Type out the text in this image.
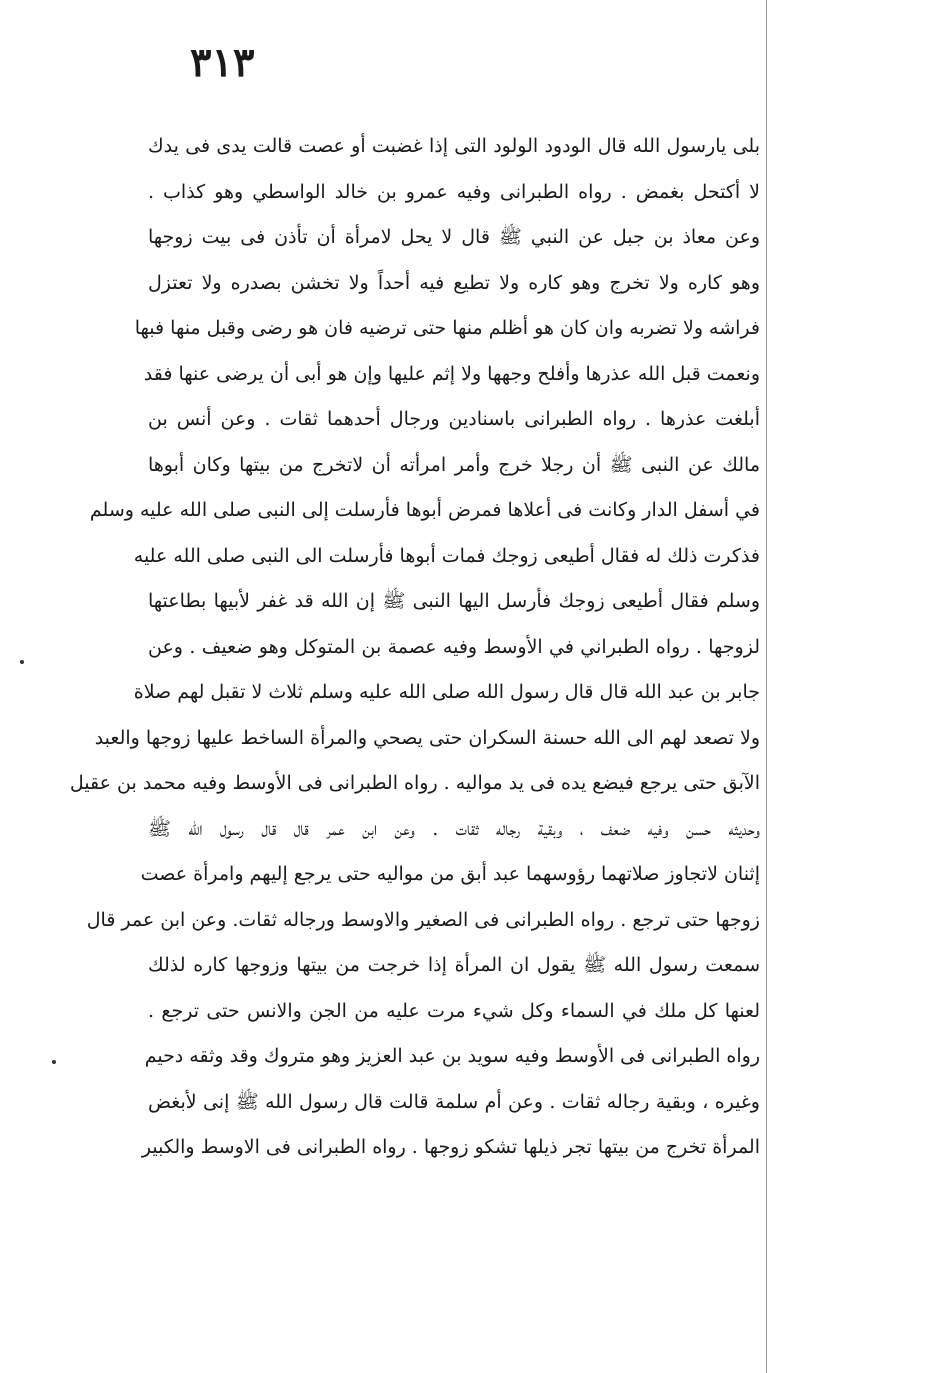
٣١٣
بلى يارسول الله قال الودود الولود التى إذا غضبت أو عصت قالت يدى فى يدك
لا أكتحل بغمض . رواه الطبرانى وفيه عمرو بن خالد الواسطي وهو كذاب .
وعن معاذ بن جبل عن النبي ﷺ قال لا يحل لامرأة أن تأذن فى بيت زوجها
وهو كاره ولا تخرج وهو كاره ولا تطيع فيه أحداً ولا تخشن بصدره ولا تعتزل
فراشه ولا تضربه وان كان هو أظلم منها حتى ترضيه فان هو رضى وقبل منها فبها
ونعمت قبل الله عذرها وأفلح وجهها ولا إثم عليها وإن هو أبى أن يرضى عنها فقد
أبلغت عذرها . رواه الطبرانى باسنادين ورجال أحدهما ثقات . وعن أنس بن
مالك عن النبى ﷺ أن رجلا خرج وأمر امرأته أن لاتخرج من بيتها وكان أبوها
في أسفل الدار وكانت فى أعلاها فمرض أبوها فأرسلت إلى النبى صلى الله عليه وسلم
فذكرت ذلك له فقال أطيعى زوجك فمات أبوها فأرسلت الى النبى صلى الله عليه
وسلم فقال أطيعى زوجك فأرسل اليها النبى ﷺ إن الله قد غفر لأبيها بطاعتها
لزوجها . رواه الطبراني في الأوسط وفيه عصمة بن المتوكل وهو ضعيف . وعن
جابر بن عبد الله قال قال رسول الله صلى الله عليه وسلم ثلاث لا تقبل لهم صلاة
ولا تصعد لهم الى الله حسنة السكران حتى يصحي والمرأة الساخط عليها زوجها والعبد
الآبق حتى يرجع فيضع يده فى يد مواليه . رواه الطبرانى فى الأوسط وفيه محمد بن عقيل
وحديثه حسن وفيه ضعف ، وبقية رجاله ثقات . وعن ابن عمر قال قال رسول الله ﷺ
إثنان لاتجاوز صلاتهما رؤوسهما عبد أبق من مواليه حتى يرجع إليهم وامرأة عصت
زوجها حتى ترجع . رواه الطبرانى فى الصغير والاوسط ورجاله ثقات. وعن ابن عمر قال
سمعت رسول الله ﷺ يقول ان المرأة إذا خرجت من بيتها وزوجها كاره لذلك
لعنها كل ملك في السماء وكل شيء مرت عليه من الجن والانس حتى ترجع .
رواه الطبرانى فى الأوسط وفيه سويد بن عبد العزيز وهو متروك وقد وثقه دحيم
وغيره ، وبقية رجاله ثقات . وعن أم سلمة قالت قال رسول الله ﷺ إنى لأبغض
المرأة تخرج من بيتها تجر ذيلها تشكو زوجها . رواه الطبرانى فى الاوسط والكبير
